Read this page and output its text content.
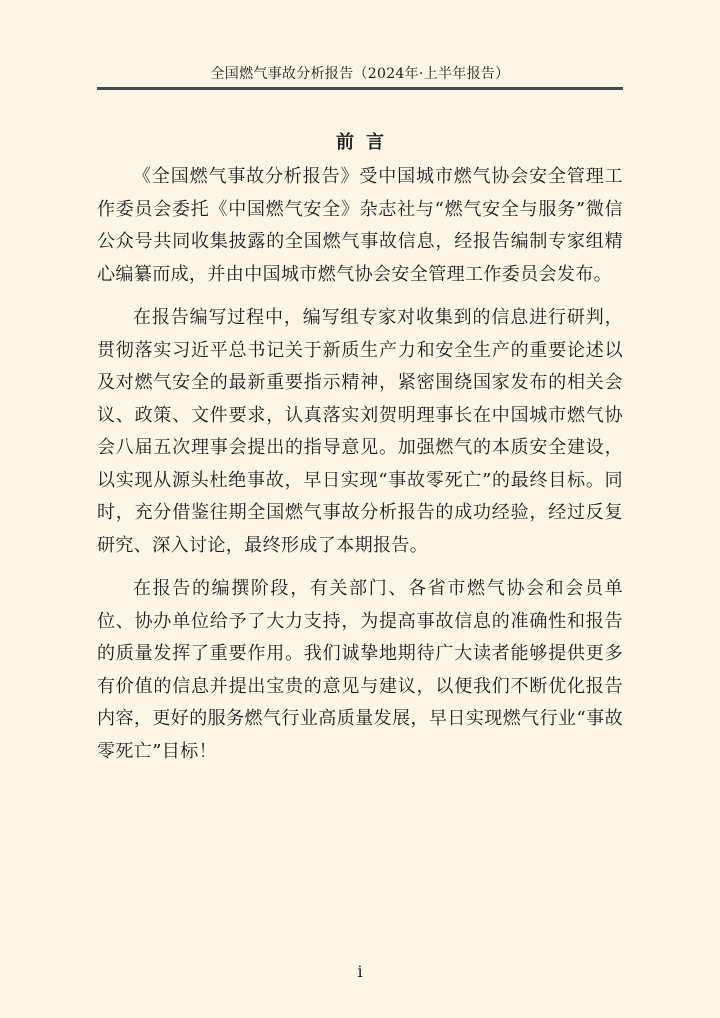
全国燃气事故分析报告（2024年·上半年报告）
前言

《全国燃气事故分析报告》受中国城市燃气协会安全管理工作委员会委托《中国燃气安全》杂志社与“燃气安全与服务”微信公众号共同收集披露的全国燃气事故信息，经报告编制专家组精心编纂而成，并由中国城市燃气协会安全管理工作委员会发布。

在报告编写过程中，编写组专家对收集到的信息进行研判，贯彻落实习近平总书记关于新质生产力和安全生产的重要论述以及对燃气安全的最新重要指示精神，紧密围绕国家发布的相关会议、政策、文件要求，认真落实刘贺明理事长在中国城市燃气协会八届五次理事会提出的指导意见。加强燃气的本质安全建设，以实现从源头杜绝事故，早日实现“事故零死亡”的最终目标。同时，充分借鉴往期全国燃气事故分析报告的成功经验，经过反复研究、深入讨论，最终形成了本期报告。

在报告的编撰阶段，有关部门、各省市燃气协会和会员单位、协办单位给予了大力支持，为提高事故信息的准确性和报告的质量发挥了重要作用。我们诚挚地期待广大读者能够提供更多有价值的信息并提出宝贵的意见与建议，以便我们不断优化报告内容，更好的服务燃气行业高质量发展，早日实现燃气行业“事故零死亡”目标！

i
